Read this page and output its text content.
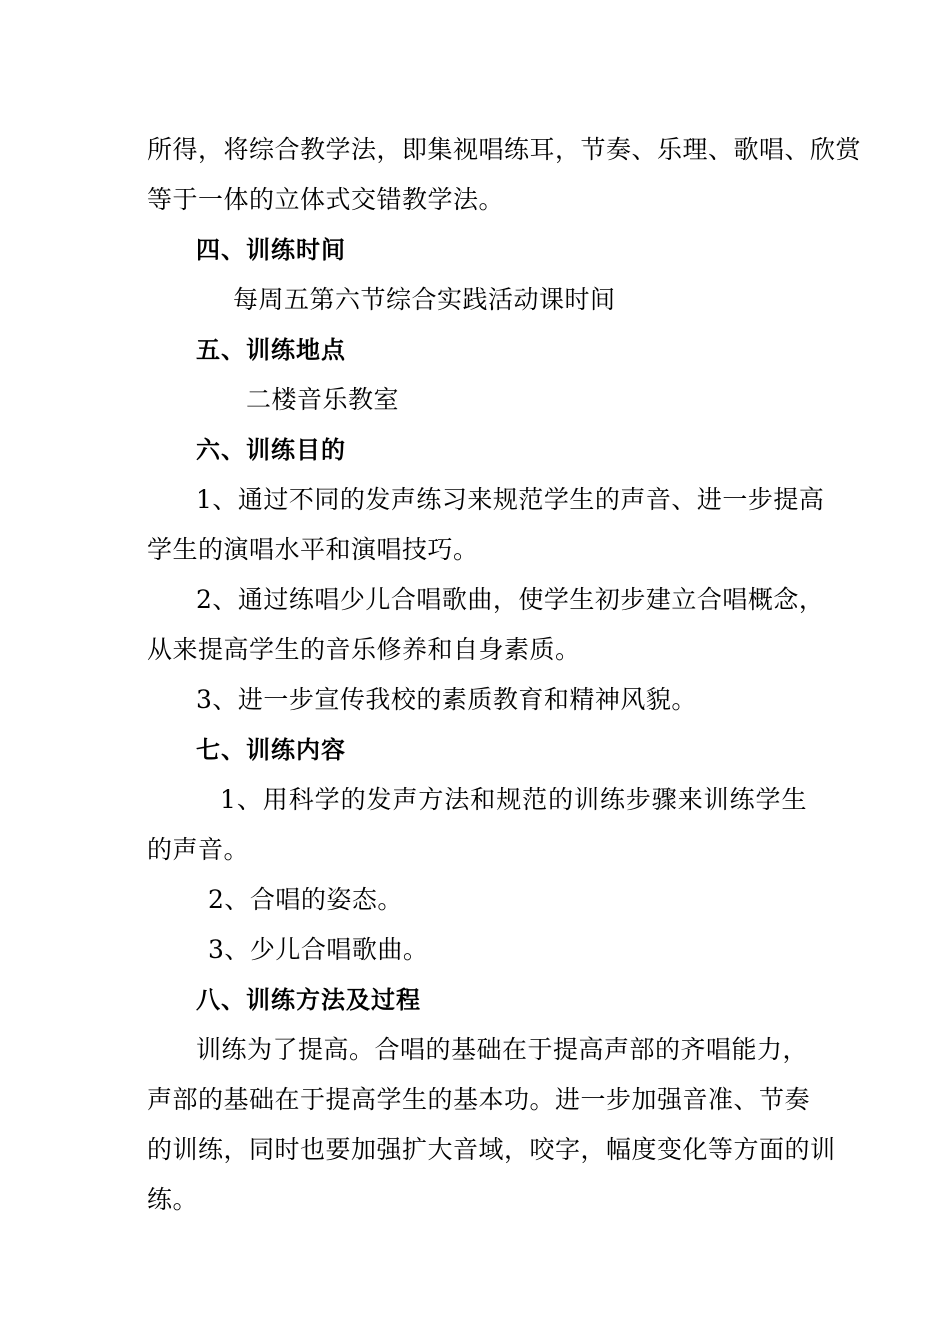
所得，将综合教学法，即集视唱练耳，节奏、乐理、歌唱、欣赏
等于一体的立体式交错教学法。
四、训练时间
每周五第六节综合实践活动课时间
五、训练地点
二楼音乐教室
六、训练目的
1、通过不同的发声练习来规范学生的声音、进一步提高
学生的演唱水平和演唱技巧。
2、通过练唱少儿合唱歌曲，使学生初步建立合唱概念，
从来提高学生的音乐修养和自身素质。
3、进一步宣传我校的素质教育和精神风貌。
七、训练内容
1、用科学的发声方法和规范的训练步骤来训练学生
的声音。
2、合唱的姿态。
3、少儿合唱歌曲。
八、训练方法及过程
训练为了提高。合唱的基础在于提高声部的齐唱能力，
声部的基础在于提高学生的基本功。进一步加强音准、节奏
的训练，同时也要加强扩大音域，咬字，幅度变化等方面的训
练。
